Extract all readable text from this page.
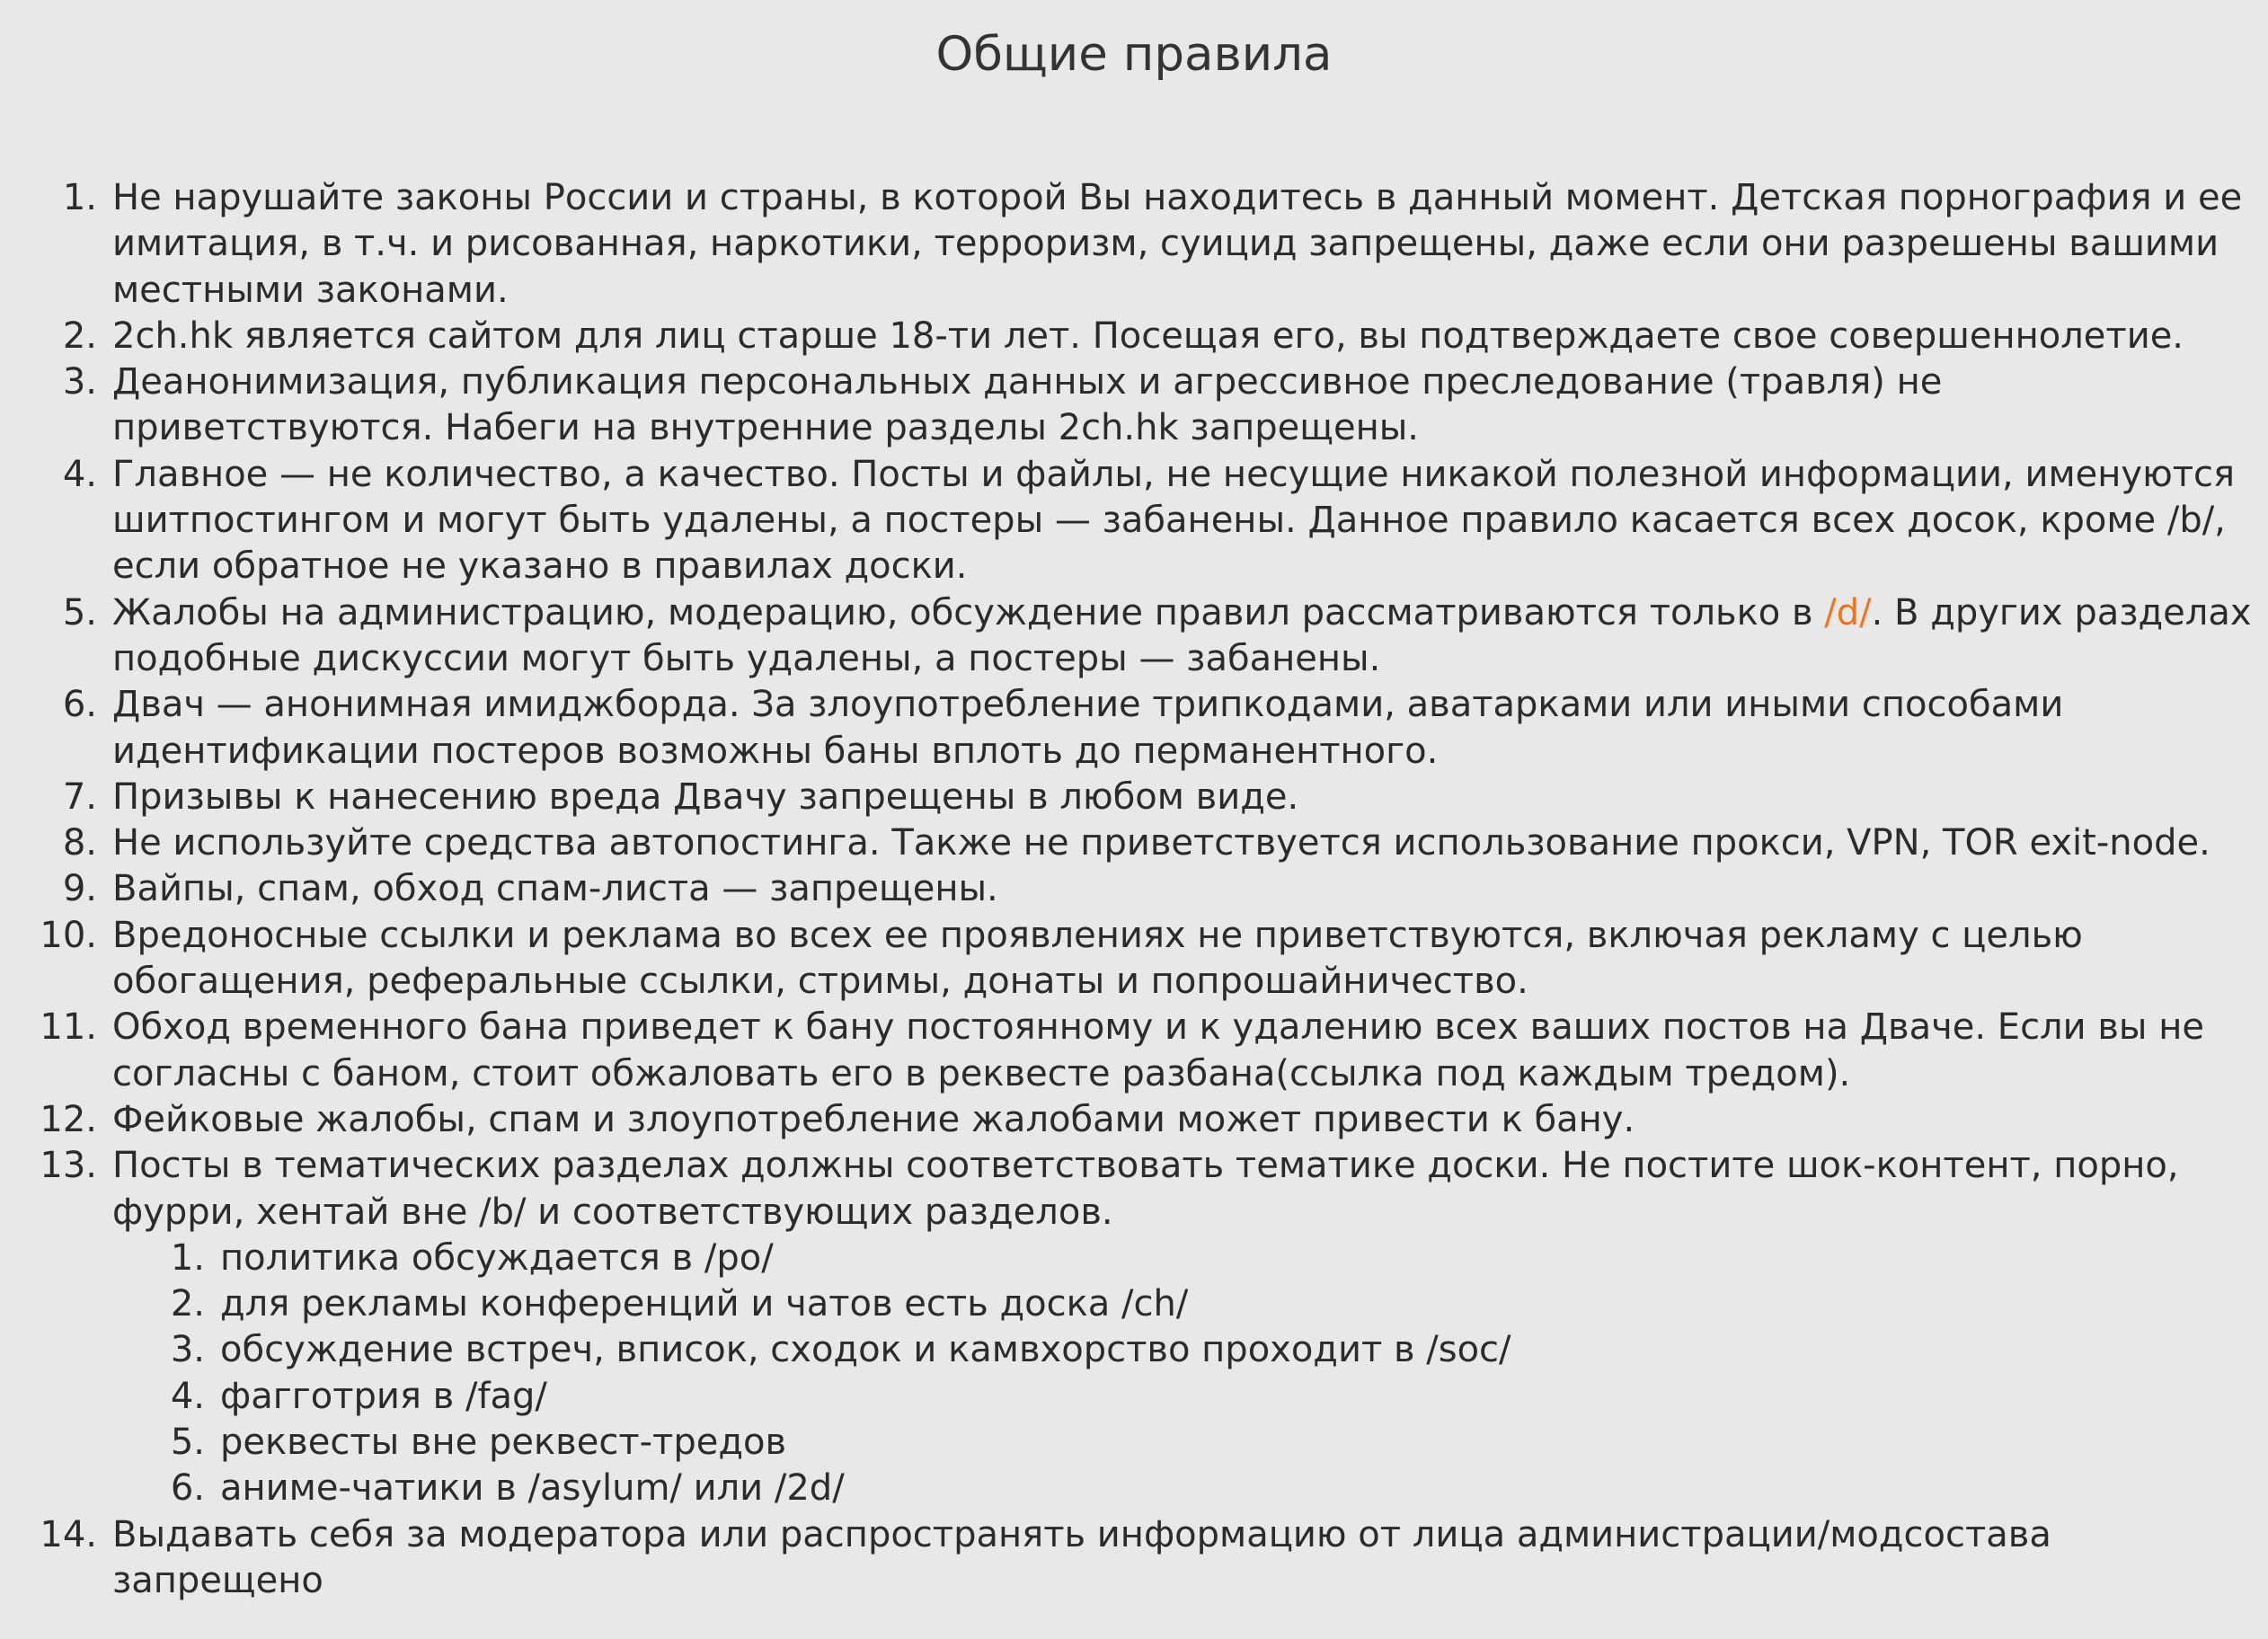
Общие правила
1. Не нарушайте законы России и страны, в которой Вы находитесь в данный момент. Детская порнография и ее имитация, в т.ч. и рисованная, наркотики, терроризм, суицид запрещены, даже если они разрешены вашими местными законами.
2. 2ch.hk является сайтом для лиц старше 18-ти лет. Посещая его, вы подтверждаете свое совершеннолетие.
3. Деанонимизация, публикация персональных данных и агрессивное преследование (травля) не приветствуются. Набеги на внутренние разделы 2ch.hk запрещены.
4. Главное — не количество, а качество. Посты и файлы, не несущие никакой полезной информации, именуются шитпостингом и могут быть удалены, а постеры — забанены. Данное правило касается всех досок, кроме /b/, если обратное не указано в правилах доски.
5. Жалобы на администрацию, модерацию, обсуждение правил рассматриваются только в /d/. В других разделах подобные дискуссии могут быть удалены, а постеры — забанены.
6. Двач — анонимная имиджборда. За злоупотребление трипкодами, аватарками или иными способами идентификации постеров возможны баны вплоть до перманентного.
7. Призывы к нанесению вреда Двачу запрещены в любом виде.
8. Не используйте средства автопостинга. Также не приветствуется использование прокси, VPN, TOR exit-node.
9. Вайпы, спам, обход спам-листа — запрещены.
10. Вредоносные ссылки и реклама во всех ее проявлениях не приветствуются, включая рекламу с целью обогащения, реферальные ссылки, стримы, донаты и попрошайничество.
11. Обход временного бана приведет к бану постоянному и к удалению всех ваших постов на Двaче. Если вы не согласны с баном, стоит обжаловать его в реквесте разбана(ссылка под каждым тредом).
12. Фейковые жалобы, спам и злоупотребление жалобами может привести к бану.
13. Посты в тематических разделах должны соответствовать тематике доски. Не постите шок-контент, порно, фурри, хентай вне /b/ и соответствующих разделов.
1. политика обсуждается в /po/
2. для рекламы конференций и чатов есть доска /ch/
3. обсуждение встреч, вписок, сходок и камвхорство проходит в /soc/
4. фагготрия в /fag/
5. реквесты вне реквест-тредов
6. аниме-чатики в /asylum/ или /2d/
14. Выдавать себя за модератора или распространять информацию от лица администрации/модсостава запрещено
